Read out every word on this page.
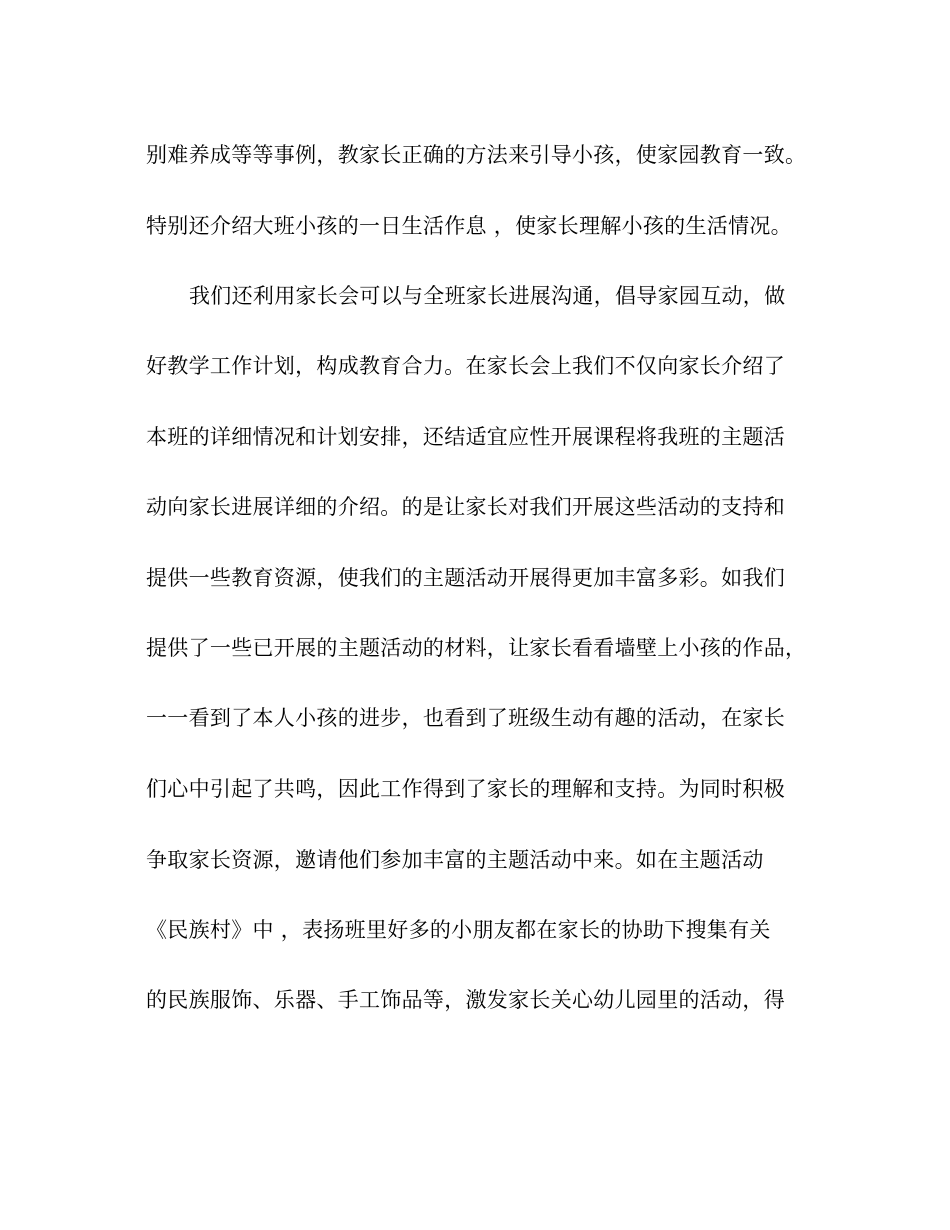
别难养成等等事例，教家长正确的方法来引导小孩，使家园教育一致。
特别还介绍大班小孩的一日生活作息 ，使家长理解小孩的生活情况。
我们还利用家长会可以与全班家长进展沟通，倡导家园互动，做
好教学工作计划，构成教育合力。在家长会上我们不仅向家长介绍了
本班的详细情况和计划安排，还结适宜应性开展课程将我班的主题活
动向家长进展详细的介绍。的是让家长对我们开展这些活动的支持和
提供一些教育资源，使我们的主题活动开展得更加丰富多彩。如我们
提供了一些已开展的主题活动的材料，让家长看看墙壁上小孩的作品，
一一看到了本人小孩的进步，也看到了班级生动有趣的活动，在家长
们心中引起了共鸣，因此工作得到了家长的理解和支持。为同时积极
争取家长资源，邀请他们参加丰富的主题活动中来。如在主题活动
《民族村》中 ，表扬班里好多的小朋友都在家长的协助下搜集有关
的民族服饰、乐器、手工饰品等，激发家长关心幼儿园里的活动，得
